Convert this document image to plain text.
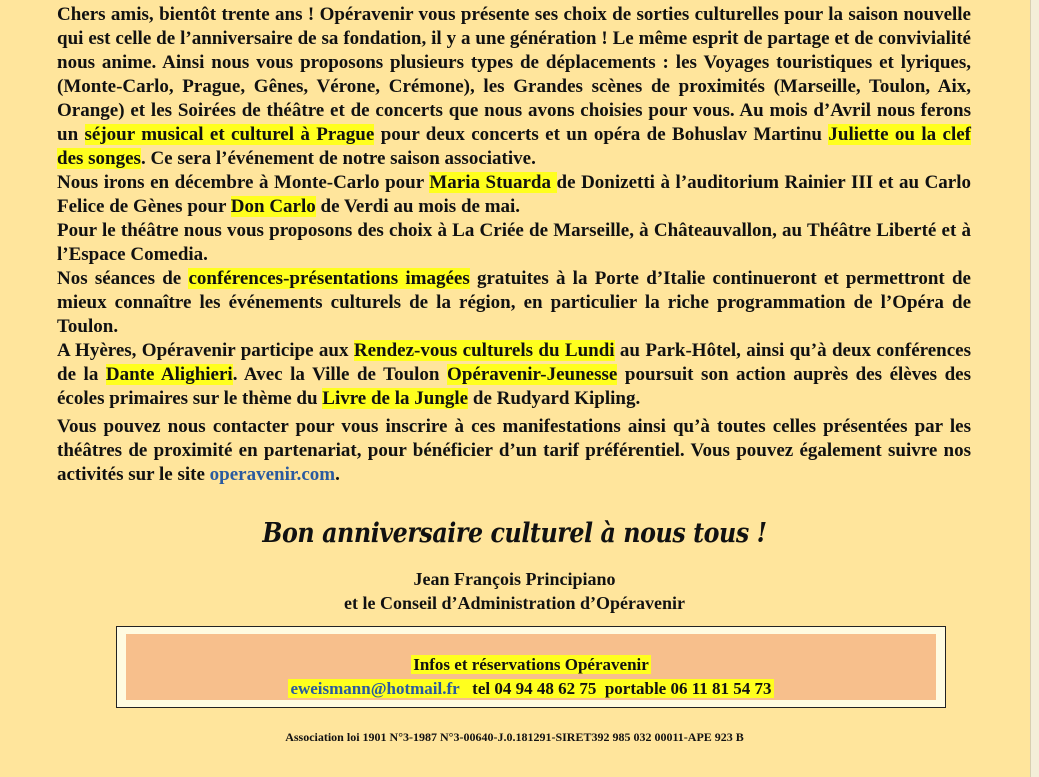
Chers amis, bientôt trente ans ! Opéravenir vous présente ses choix de sorties culturelles pour la saison nouvelle qui est celle de l’anniversaire de sa fondation, il y a une génération ! Le même esprit de partage et de convivialité nous anime. Ainsi nous vous proposons plusieurs types de déplacements : les Voyages touristiques et lyriques, (Monte-Carlo, Prague, Gênes, Vérone, Crémone), les Grandes scènes de proximités (Marseille, Toulon, Aix, Orange) et les Soirées de théâtre et de concerts que nous avons choisies pour vous. Au mois d’Avril nous ferons un séjour musical et culturel à Prague pour deux concerts et un opéra de Bohuslav Martinu Juliette ou la clef des songes. Ce sera l’événement de notre saison associative.

Nous irons en décembre à Monte-Carlo pour Maria Stuarda de Donizetti à l’auditorium Rainier III et au Carlo Felice de Gènes pour Don Carlo de Verdi au mois de mai.

Pour le théâtre nous vous proposons des choix à La Criée de Marseille, à Châteauvallon, au Théâtre Liberté et à l’Espace Comedia.

Nos séances de conférences-présentations imagées gratuites à la Porte d’Italie continueront et permettront de mieux connaître les événements culturels de la région, en particulier la riche programmation de l’Opéra de Toulon.

A Hyères, Opéravenir participe aux Rendez-vous culturels du Lundi au Park-Hôtel, ainsi qu’à deux conférences de la Dante Alighieri. Avec la Ville de Toulon Opéravenir-Jeunesse poursuit son action auprès des élèves des écoles primaires sur le thème du Livre de la Jungle de Rudyard Kipling.

Vous pouvez nous contacter pour vous inscrire à ces manifestations ainsi qu’à toutes celles présentées par les théâtres de proximité en partenariat, pour bénéficier d’un tarif préférentiel. Vous pouvez également suivre nos activités sur le site operavenir.com.

Bon anniversaire culturel à nous tous !
Jean François Principiano
et le Conseil d’Administration d’Opéravenir
Infos et réservations Opéravenir
eweismann@hotmail.fr   tel 04 94 48 62 75  portable 06 11 81 54 73
Association loi 1901 N°3-1987 N°3-00640-J.0.181291-SIRET392 985 032 00011-APE 923 B
